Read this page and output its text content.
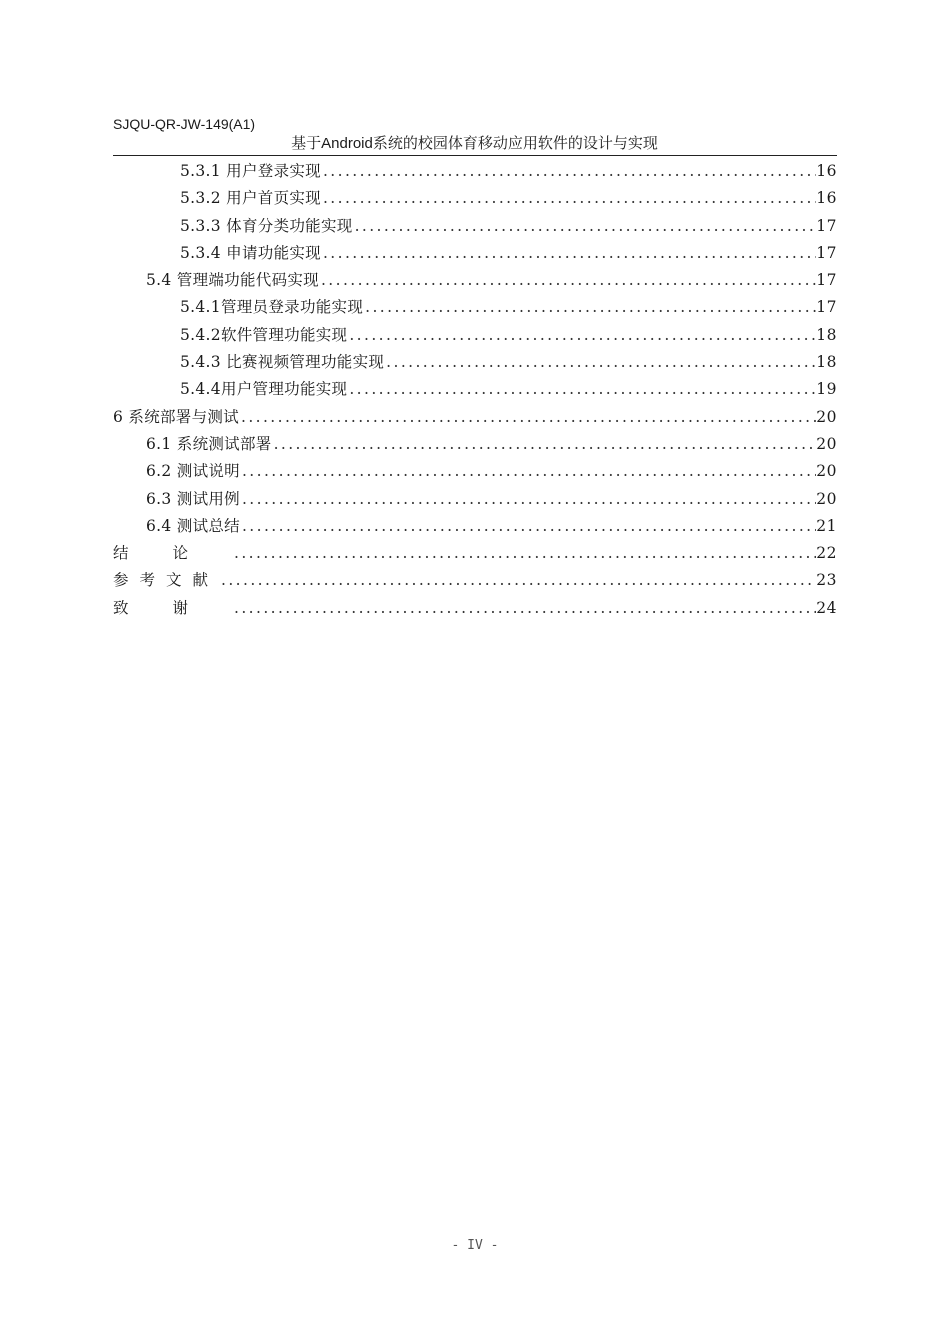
SJQU-QR-JW-149(A1)
基于Android系统的校园体育移动应用软件的设计与实现
5.3.1 用户登录实现 .....	16
5.3.2 用户首页实现 .....	16
5.3.3 体育分类功能实现 .....	17
5.3.4 申请功能实现 .....	17
5.4 管理端功能代码实现 .....	17
5.4.1管理员登录功能实现 .....	17
5.4.2软件管理功能实现 .....	18
5.4.3 比赛视频管理功能实现 .....	18
5.4.4用户管理功能实现 .....	19
6 系统部署与测试 .....	20
6.1 系统测试部署 .....	20
6.2 测试说明 .....	20
6.3 测试用例 .....	20
6.4 测试总结 .....	21
结论 .....	22
参考文献 .....	23
致谢 .....	24
- IV -
